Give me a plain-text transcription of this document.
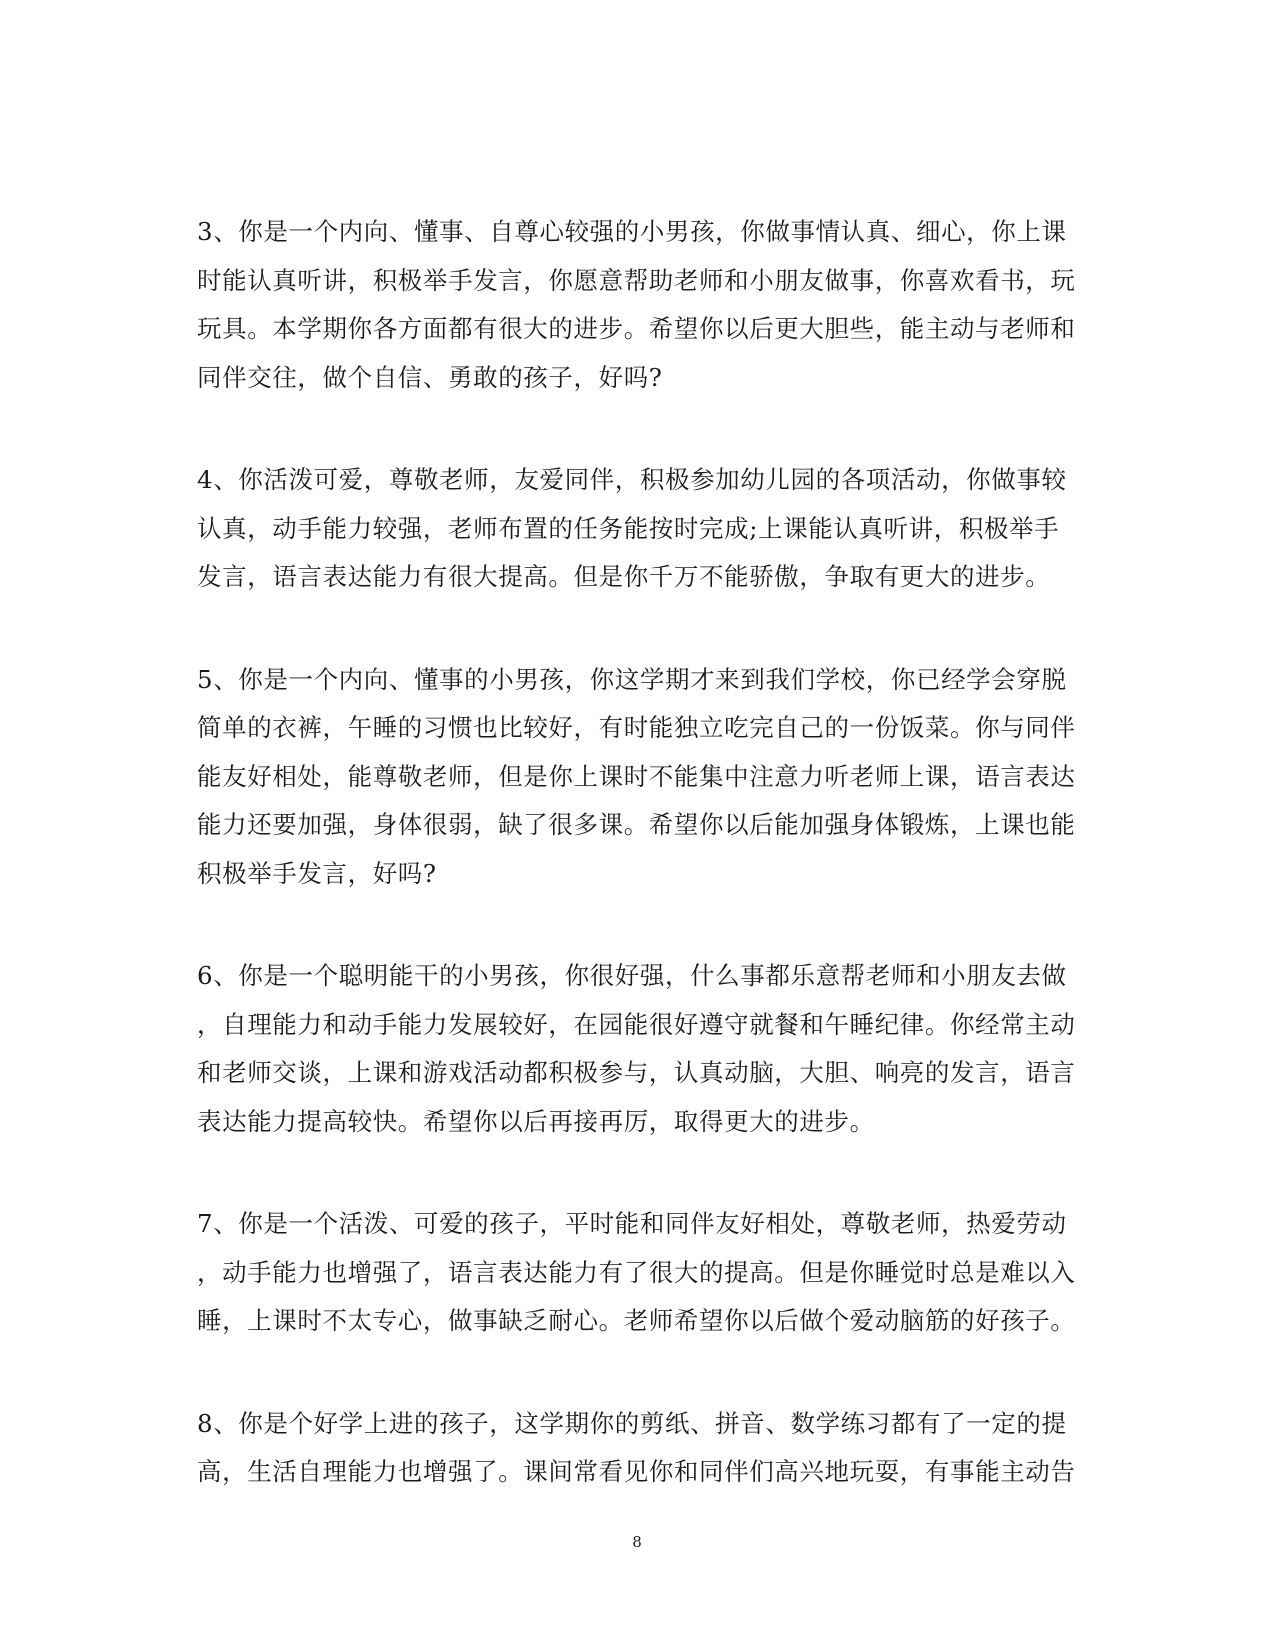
3、你是一个内向、懂事、自尊心较强的小男孩，你做事情认真、细心，你上课
时能认真听讲，积极举手发言，你愿意帮助老师和小朋友做事，你喜欢看书，玩
玩具。本学期你各方面都有很大的进步。希望你以后更大胆些，能主动与老师和
同伴交往，做个自信、勇敢的孩子，好吗?
4、你活泼可爱，尊敬老师，友爱同伴，积极参加幼儿园的各项活动，你做事较
认真，动手能力较强，老师布置的任务能按时完成;上课能认真听讲，积极举手
发言，语言表达能力有很大提高。但是你千万不能骄傲，争取有更大的进步。
5、你是一个内向、懂事的小男孩，你这学期才来到我们学校，你已经学会穿脱
简单的衣裤，午睡的习惯也比较好，有时能独立吃完自己的一份饭菜。你与同伴
能友好相处，能尊敬老师，但是你上课时不能集中注意力听老师上课，语言表达
能力还要加强，身体很弱，缺了很多课。希望你以后能加强身体锻炼，上课也能
积极举手发言，好吗?
6、你是一个聪明能干的小男孩，你很好强，什么事都乐意帮老师和小朋友去做
，自理能力和动手能力发展较好，在园能很好遵守就餐和午睡纪律。你经常主动
和老师交谈，上课和游戏活动都积极参与，认真动脑，大胆、响亮的发言，语言
表达能力提高较快。希望你以后再接再厉，取得更大的进步。
7、你是一个活泼、可爱的孩子，平时能和同伴友好相处，尊敬老师，热爱劳动
，动手能力也增强了，语言表达能力有了很大的提高。但是你睡觉时总是难以入
睡，上课时不太专心，做事缺乏耐心。老师希望你以后做个爱动脑筋的好孩子。
8、你是个好学上进的孩子，这学期你的剪纸、拼音、数学练习都有了一定的提
高，生活自理能力也增强了。课间常看见你和同伴们高兴地玩耍，有事能主动告
8
